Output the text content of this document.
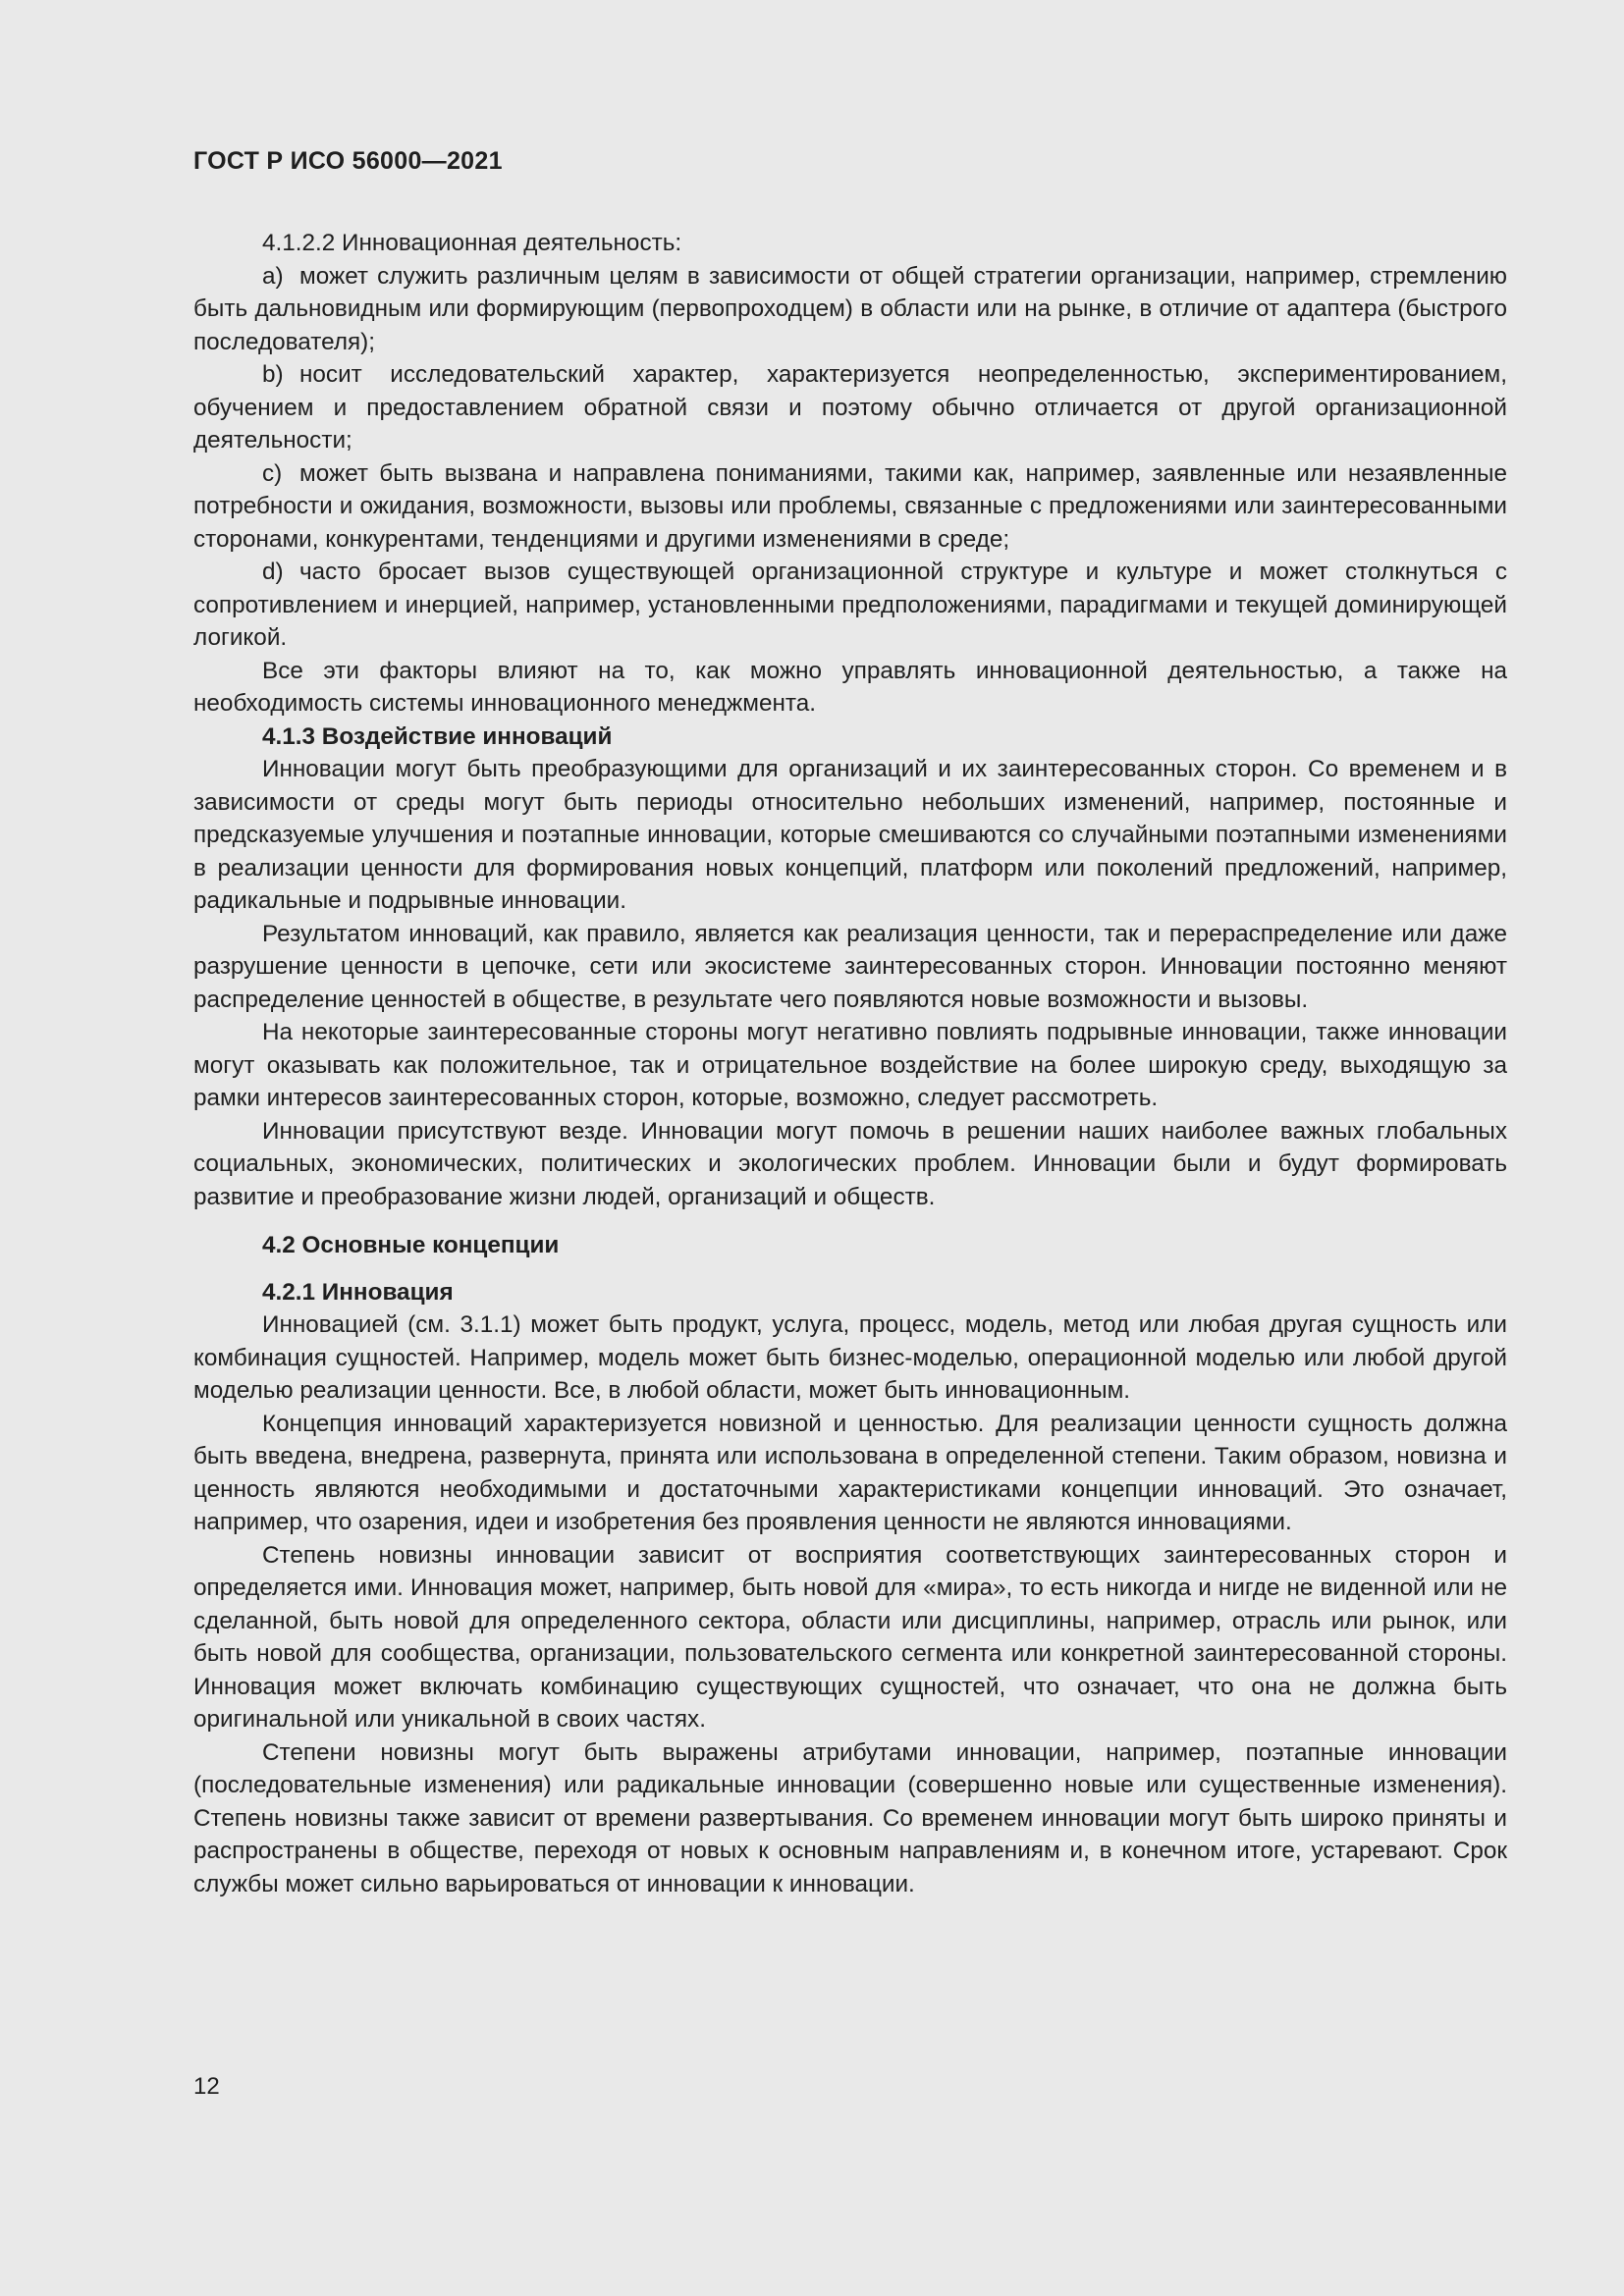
ГОСТ Р ИСО 56000—2021

4.1.2.2 Инновационная деятельность:

a) может служить различным целям в зависимости от общей стратегии организации, например, стремлению быть дальновидным или формирующим (первопроходцем) в области или на рынке, в отличие от адаптера (быстрого последователя);

b) носит исследовательский характер, характеризуется неопределенностью, экспериментированием, обучением и предоставлением обратной связи и поэтому обычно отличается от другой организационной деятельности;

c) может быть вызвана и направлена пониманиями, такими как, например, заявленные или незаявленные потребности и ожидания, возможности, вызовы или проблемы, связанные с предложениями или заинтересованными сторонами, конкурентами, тенденциями и другими изменениями в среде;

d) часто бросает вызов существующей организационной структуре и культуре и может столкнуться с сопротивлением и инерцией, например, установленными предположениями, парадигмами и текущей доминирующей логикой.

Все эти факторы влияют на то, как можно управлять инновационной деятельностью, а также на необходимость системы инновационного менеджмента.

4.1.3 Воздействие инноваций

Инновации могут быть преобразующими для организаций и их заинтересованных сторон. Со временем и в зависимости от среды могут быть периоды относительно небольших изменений, например, постоянные и предсказуемые улучшения и поэтапные инновации, которые смешиваются со случайными поэтапными изменениями в реализации ценности для формирования новых концепций, платформ или поколений предложений, например, радикальные и подрывные инновации.

Результатом инноваций, как правило, является как реализация ценности, так и перераспределение или даже разрушение ценности в цепочке, сети или экосистеме заинтересованных сторон. Инновации постоянно меняют распределение ценностей в обществе, в результате чего появляются новые возможности и вызовы.

На некоторые заинтересованные стороны могут негативно повлиять подрывные инновации, также инновации могут оказывать как положительное, так и отрицательное воздействие на более широкую среду, выходящую за рамки интересов заинтересованных сторон, которые, возможно, следует рассмотреть.

Инновации присутствуют везде. Инновации могут помочь в решении наших наиболее важных глобальных социальных, экономических, политических и экологических проблем. Инновации были и будут формировать развитие и преобразование жизни людей, организаций и обществ.

4.2 Основные концепции

4.2.1 Инновация

Инновацией (см. 3.1.1) может быть продукт, услуга, процесс, модель, метод или любая другая сущность или комбинация сущностей. Например, модель может быть бизнес-моделью, операционной моделью или любой другой моделью реализации ценности. Все, в любой области, может быть инновационным.

Концепция инноваций характеризуется новизной и ценностью. Для реализации ценности сущность должна быть введена, внедрена, развернута, принята или использована в определенной степени. Таким образом, новизна и ценность являются необходимыми и достаточными характеристиками концепции инноваций. Это означает, например, что озарения, идеи и изобретения без проявления ценности не являются инновациями.

Степень новизны инновации зависит от восприятия соответствующих заинтересованных сторон и определяется ими. Инновация может, например, быть новой для «мира», то есть никогда и нигде не виденной или не сделанной, быть новой для определенного сектора, области или дисциплины, например, отрасль или рынок, или быть новой для сообщества, организации, пользовательского сегмента или конкретной заинтересованной стороны. Инновация может включать комбинацию существующих сущностей, что означает, что она не должна быть оригинальной или уникальной в своих частях.

Степени новизны могут быть выражены атрибутами инновации, например, поэтапные инновации (последовательные изменения) или радикальные инновации (совершенно новые или существенные изменения). Степень новизны также зависит от времени развертывания. Со временем инновации могут быть широко приняты и распространены в обществе, переходя от новых к основным направлениям и, в конечном итоге, устаревают. Срок службы может сильно варьироваться от инновации к инновации.

12
